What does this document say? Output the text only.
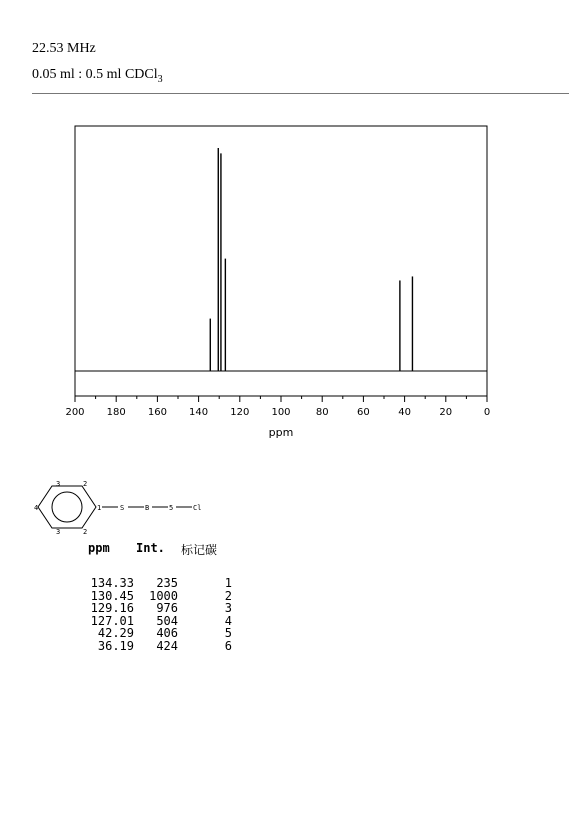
22.53 MHz
0.05 ml : 0.5 ml CDCl$_3$
200 180 160 140 120 100	80	60	40	20	0
ppm
3	2
4	1
3	2
S	B	5	Cl
ppm Int. 标记碳
134.33	235	1
130.45	1000	2
129.16	976	3
127.01	504	4
42.29	406	5
36.19	424	6
